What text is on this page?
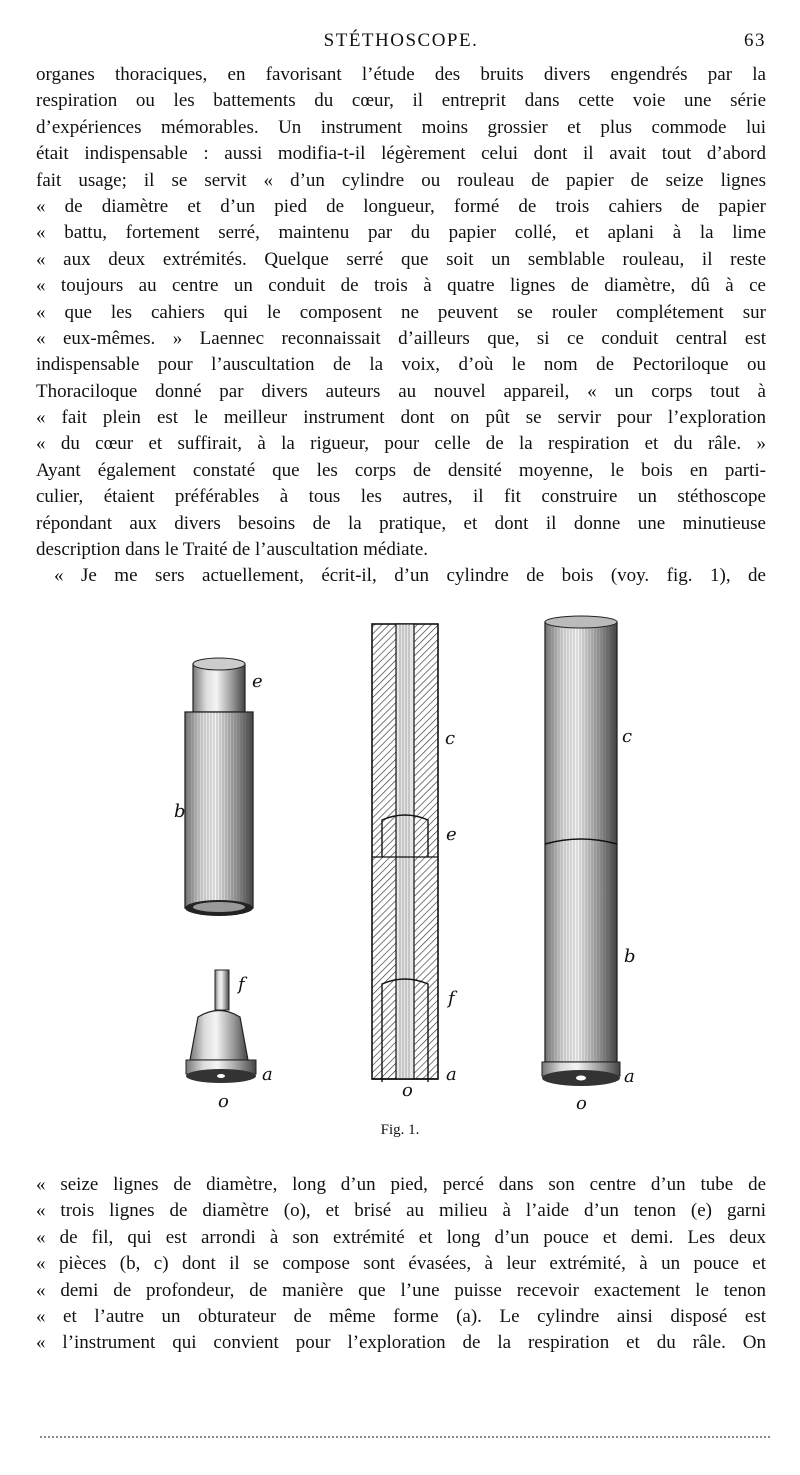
STÉTHOSCOPE.	63
organes thoraciques, en favorisant l’étude des bruits divers engendrés par la
respiration ou les battements du cœur, il entreprit dans cette voie une série
d’expériences mémorables. Un instrument moins grossier et plus commode lui
était indispensable : aussi modifia-t-il légèrement celui dont il avait tout d’abord
fait usage; il se servit « d’un cylindre ou rouleau de papier de seize lignes
« de diamètre et d’un pied de longueur, formé de trois cahiers de papier
« battu, fortement serré, maintenu par du papier collé, et aplani à la lime
« aux deux extrémités. Quelque serré que soit un semblable rouleau, il reste
« toujours au centre un conduit de trois à quatre lignes de diamètre, dû à ce
« que les cahiers qui le composent ne peuvent se rouler complétement sur
« eux-mêmes. » Laennec reconnaissait d’ailleurs que, si ce conduit central est
indispensable pour l’auscultation de la voix, d’où le nom de Pectoriloque ou
Thoraciloque donné par divers auteurs au nouvel appareil, « un corps tout à
« fait plein est le meilleur instrument dont on pût se servir pour l’exploration
« du cœur et suffirait, à la rigueur, pour celle de la respiration et du râle. »
Ayant également constaté que les corps de densité moyenne, le bois en parti-
culier, étaient préférables à tous les autres, il fit construire un stéthoscope
répondant aux divers besoins de la pratique, et dont il donne une minutieuse
description dans le Traité de l’auscultation médiate.
« Je me sers actuellement, écrit-il, d’un cylindre de bois (voy. fig. 1), de
e
b
f
a
o
c
e
f
a
o
c
b
a
o
Fig. 1.
« seize lignes de diamètre, long d’un pied, percé dans son centre d’un tube de
« trois lignes de diamètre (o), et brisé au milieu à l’aide d’un tenon (e) garni
« de fil, qui est arrondi à son extrémité et long d’un pouce et demi. Les deux
« pièces (b, c) dont il se compose sont évasées, à leur extrémité, à un pouce et
« demi de profondeur, de manière que l’une puisse recevoir exactement le tenon
« et l’autre un obturateur de même forme (a). Le cylindre ainsi disposé est
« l’instrument qui convient pour l’exploration de la respiration et du râle. On
